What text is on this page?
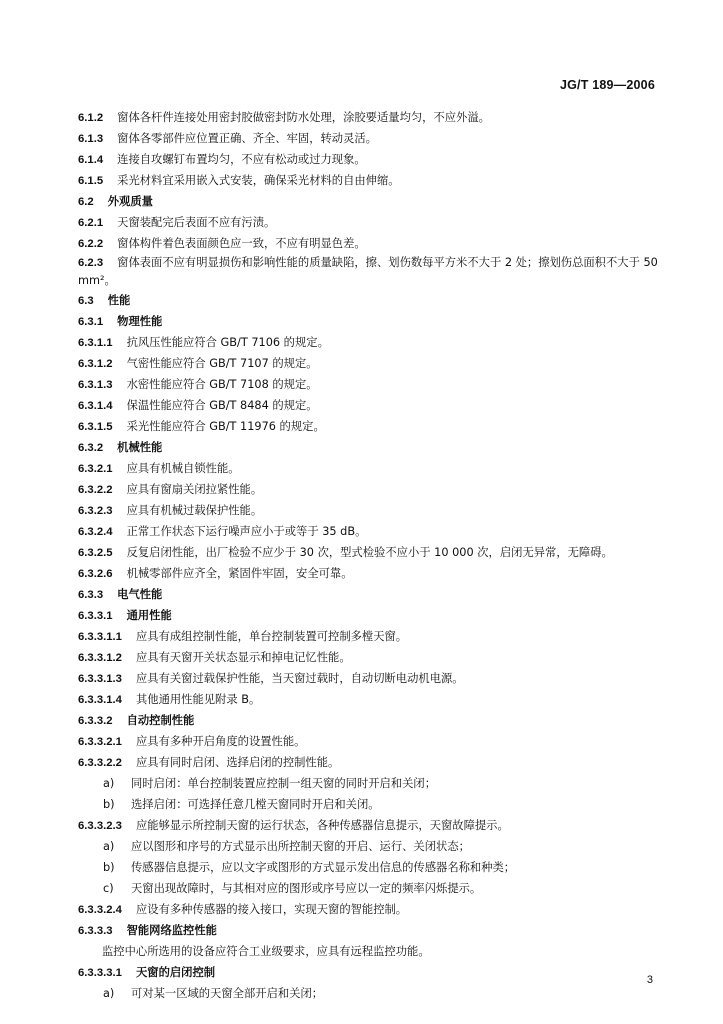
JG/T 189—2006
6.1.2 窗体各杆件连接处用密封胶做密封防水处理，涂胶要适量均匀，不应外溢。
6.1.3 窗体各零部件应位置正确、齐全、牢固，转动灵活。
6.1.4 连接自攻螺钉布置均匀，不应有松动或过力现象。
6.1.5 采光材料宜采用嵌入式安装，确保采光材料的自由伸缩。
6.2 外观质量
6.2.1 天窗装配完后表面不应有污渍。
6.2.2 窗体构件着色表面颜色应一致，不应有明显色差。
6.2.3 窗体表面不应有明显损伤和影响性能的质量缺陷，擦、划伤数每平方米不大于 2 处；擦划伤总面积不大于 50 mm²。
6.3 性能
6.3.1 物理性能
6.3.1.1 抗风压性能应符合 GB/T 7106 的规定。
6.3.1.2 气密性能应符合 GB/T 7107 的规定。
6.3.1.3 水密性能应符合 GB/T 7108 的规定。
6.3.1.4 保温性能应符合 GB/T 8484 的规定。
6.3.1.5 采光性能应符合 GB/T 11976 的规定。
6.3.2 机械性能
6.3.2.1 应具有机械自锁性能。
6.3.2.2 应具有窗扇关闭拉紧性能。
6.3.2.3 应具有机械过载保护性能。
6.3.2.4 正常工作状态下运行噪声应小于或等于 35 dB。
6.3.2.5 反复启闭性能，出厂检验不应少于 30 次，型式检验不应小于 10 000 次，启闭无异常，无障碍。
6.3.2.6 机械零部件应齐全，紧固件牢固，安全可靠。
6.3.3 电气性能
6.3.3.1 通用性能
6.3.3.1.1 应具有成组控制性能，单台控制装置可控制多樘天窗。
6.3.3.1.2 应具有天窗开关状态显示和掉电记忆性能。
6.3.3.1.3 应具有关窗过载保护性能，当天窗过载时，自动切断电动机电源。
6.3.3.1.4 其他通用性能见附录 B。
6.3.3.2 自动控制性能
6.3.3.2.1 应具有多种开启角度的设置性能。
6.3.3.2.2 应具有同时启闭、选择启闭的控制性能。
a) 同时启闭：单台控制装置应控制一组天窗的同时开启和关闭；
b) 选择启闭：可选择任意几樘天窗同时开启和关闭。
6.3.3.2.3 应能够显示所控制天窗的运行状态，各种传感器信息提示，天窗故障提示。
a) 应以图形和序号的方式显示出所控制天窗的开启、运行、关闭状态；
b) 传感器信息提示，应以文字或图形的方式显示发出信息的传感器名称和种类；
c) 天窗出现故障时，与其相对应的图形或序号应以一定的频率闪烁提示。
6.3.3.2.4 应设有多种传感器的接入接口，实现天窗的智能控制。
6.3.3.3 智能网络监控性能
监控中心所选用的设备应符合工业级要求，应具有远程监控功能。
6.3.3.3.1 天窗的启闭控制
a) 可对某一区域的天窗全部开启和关闭；
3
